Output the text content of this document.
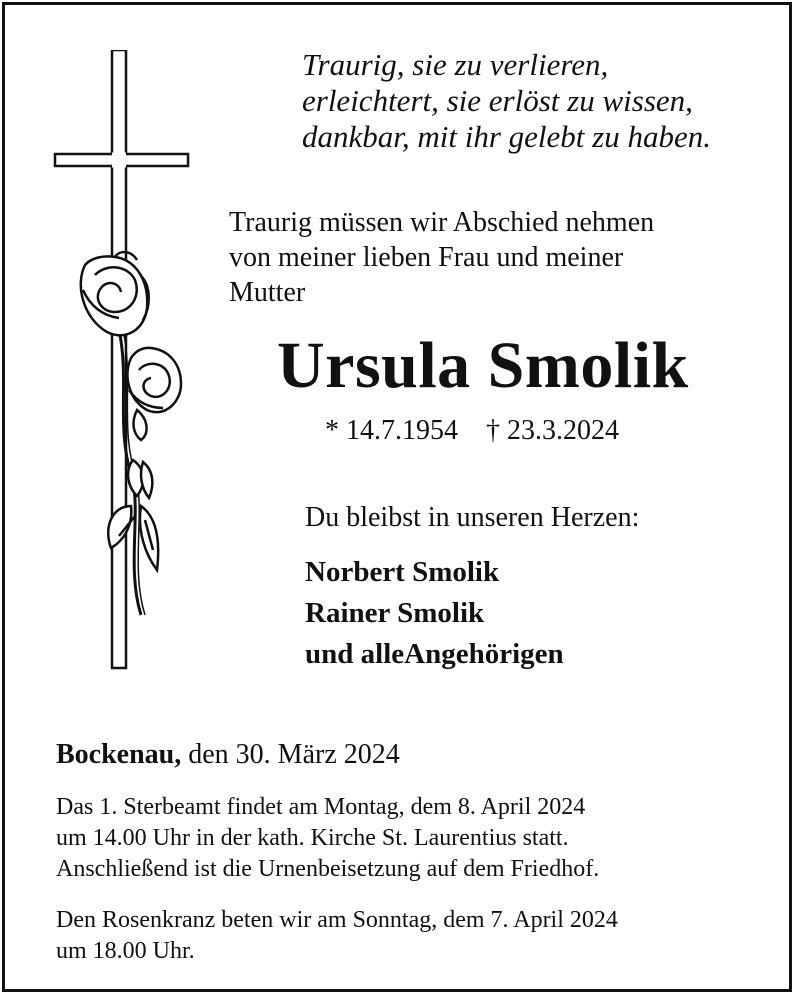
Traurig, sie zu verlieren,
erleichtert, sie erlöst zu wissen,
dankbar, mit ihr gelebt zu haben.
Traurig müssen wir Abschied nehmen
von meiner lieben Frau und meiner
Mutter
Ursula Smolik
* 14.7.1954 † 23.3.2024
Du bleibst in unseren Herzen:
Norbert Smolik
Rainer Smolik
und alleAngehörigen
Bockenau, den 30. März 2024
Das 1. Sterbeamt findet am Montag, dem 8. April 2024
um 14.00 Uhr in der kath. Kirche St. Laurentius statt.
Anschließend ist die Urnenbeisetzung auf dem Friedhof.
Den Rosenkranz beten wir am Sonntag, dem 7. April 2024
um 18.00 Uhr.
